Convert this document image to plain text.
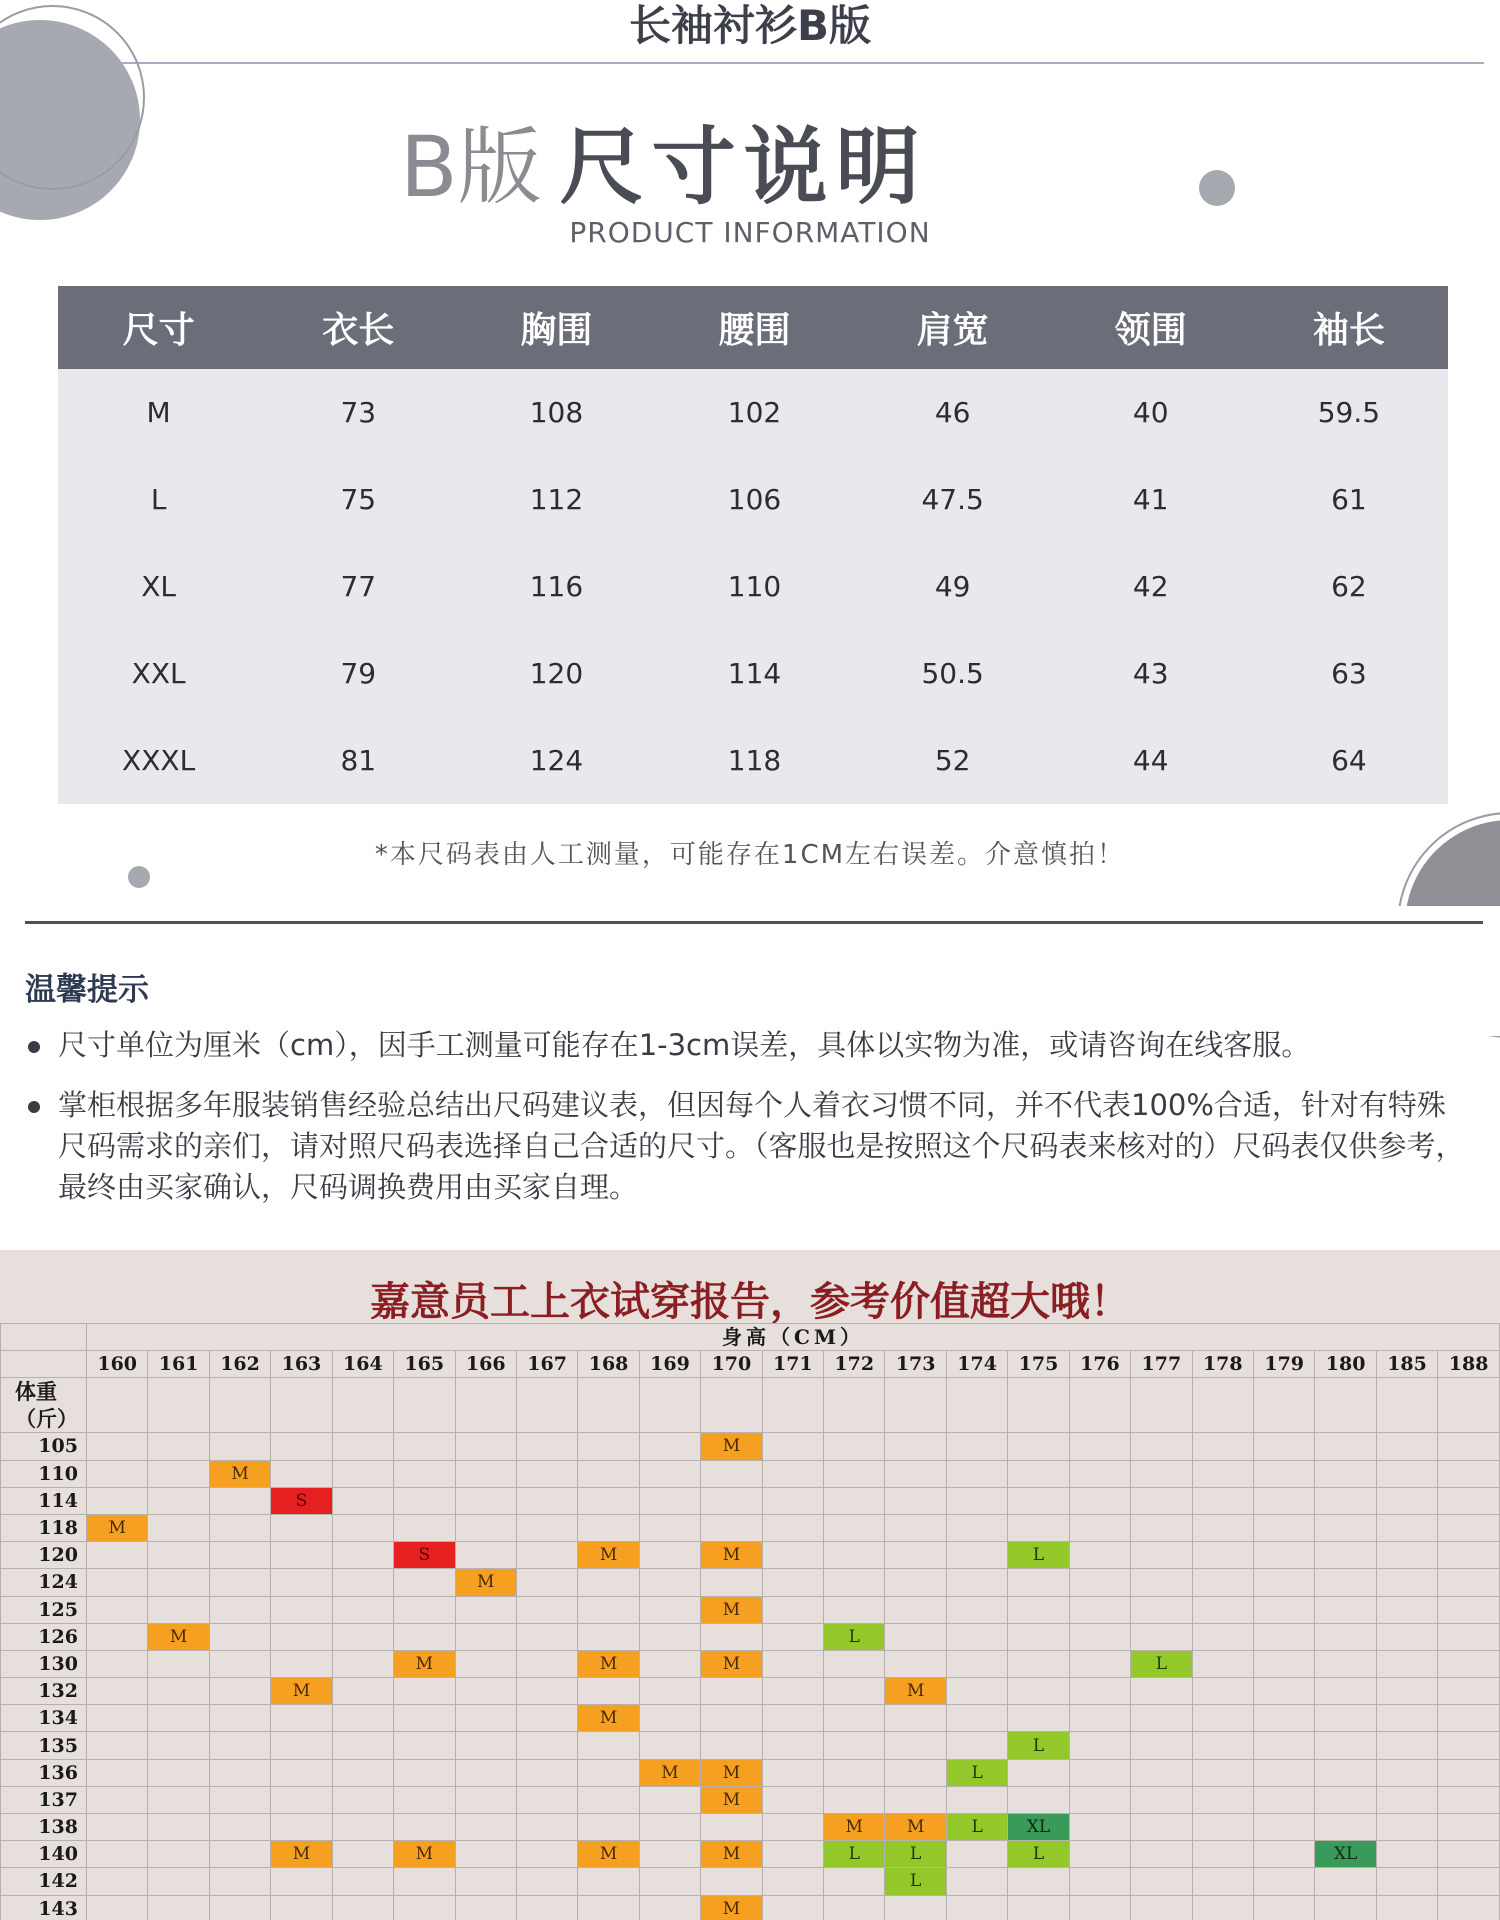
长袖衬衫B版
B版 尺寸说明
PRODUCT INFORMATION
尺寸	衣长	胸围	腰围	肩宽	领围	袖长
M	73	108	102	46	40	59.5
L	75	112	106	47.5	41	61
XL	77	116	110	49	42	62
XXL	79	120	114	50.5	43	63
XXXL	81	124	118	52	44	64
*本尺码表由人工测量，可能存在1CM左右误差。介意慎拍！
温馨提示
尺寸单位为厘米（cm），因手工测量可能存在1-3cm误差，具体以实物为准，或请咨询在线客服。
掌柜根据多年服装销售经验总结出尺码建议表，但因每个人着衣习惯不同，并不代表100%合适，针对有特殊尺码需求的亲们，请对照尺码表选择自己合适的尺寸。（客服也是按照这个尺码表来核对的）尺码表仅供参考，最终由买家确认，尺码调换费用由买家自理。
嘉意员工上衣试穿报告，参考价值超大哦！
	身高（CM）																						
	160	161	162	163	164	165	166	167	168	169	170	171	172	173	174	175	176	177	178	179	180	185	188
体重（斤）																							
105											M												
110			M																				
114				S																			
118	M																						
120						S			M		M					L							
124							M																
125											M												
126		M											L										
130						M			M		M							L					
132				M										M									
134									M														
135																L							
136										M	M				L								
137											M												
138													M	M	L	XL							
140				M		M			M		M		L	L		L					XL		
142														L									
143											M												
